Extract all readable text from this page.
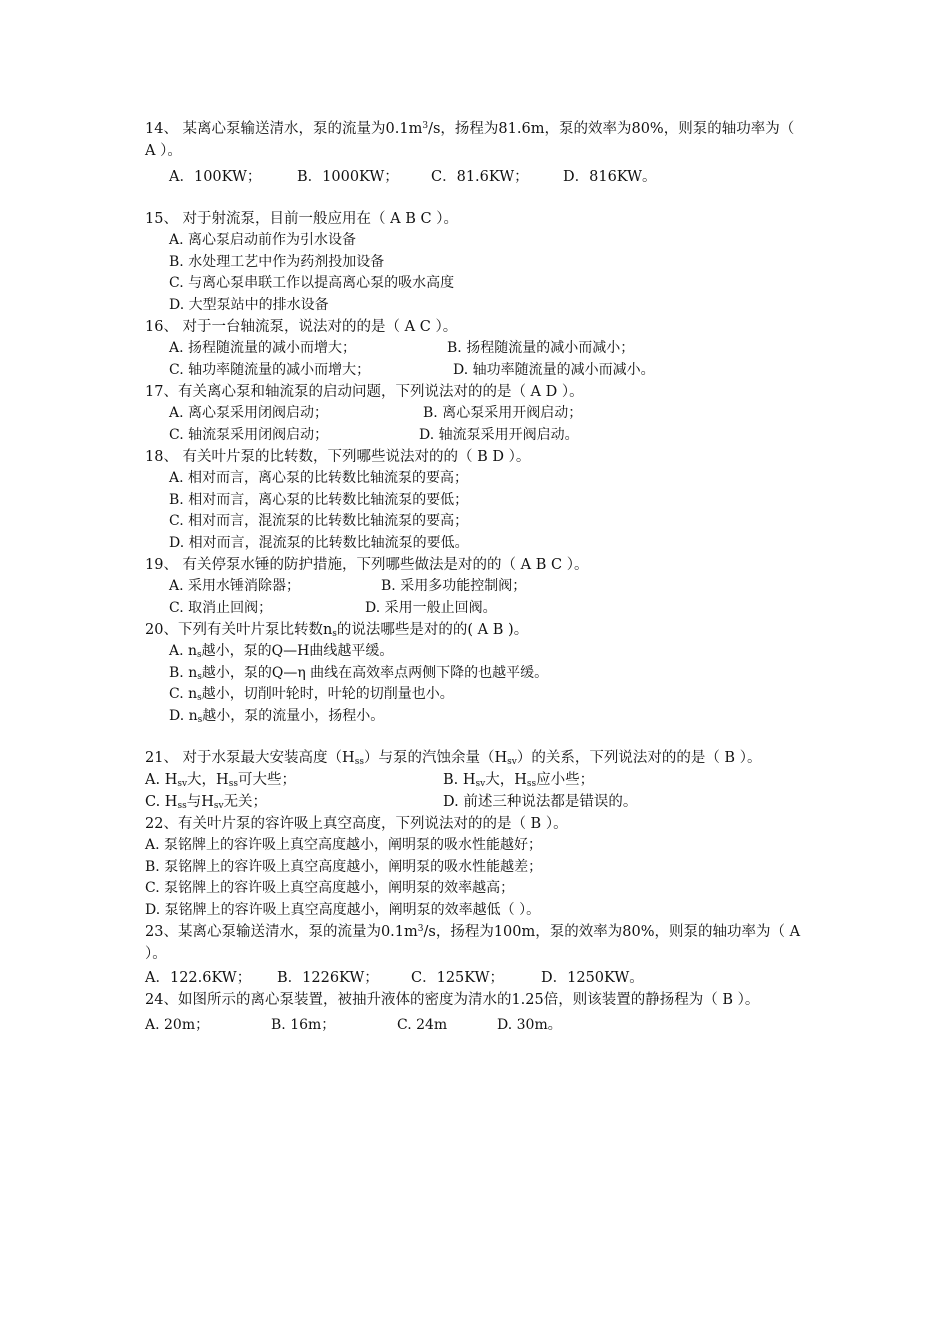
14、 某离心泵输送清水，泵的流量为$0.1m^3/s$，扬程为81.6m，泵的效率为80%，则泵的轴功率为（ A ）。

A．100KW；	B．1000KW；	C．81.6KW；	D．816KW。

15、 对于射流泵，目前一般应用在（ A B C ）。

A. 离心泵启动前作为引水设备

B. 水处理工艺中作为药剂投加设备

C. 与离心泵串联工作以提高离心泵的吸水高度

D. 大型泵站中的排水设备

16、 对于一台轴流泵，说法对的的是（ A C ）。

A. 扬程随流量的减小而增大；	B. 扬程随流量的减小而减小；
C. 轴功率随流量的减小而增大；	D. 轴功率随流量的减小而减小。

17、有关离心泵和轴流泵的启动问题，下列说法对的的是（ A D ）。

A. 离心泵采用闭阀启动；	B. 离心泵采用开阀启动；
C. 轴流泵采用闭阀启动；	D. 轴流泵采用开阀启动。

18、 有关叶片泵的比转数，下列哪些说法对的的（ B D ）。

A. 相对而言，离心泵的比转数比轴流泵的要高；

B. 相对而言，离心泵的比转数比轴流泵的要低；

C. 相对而言，混流泵的比转数比轴流泵的要高；

D. 相对而言，混流泵的比转数比轴流泵的要低。

19、 有关停泵水锤的防护措施，下列哪些做法是对的的（ A B C ）。

A. 采用水锤消除器；	B. 采用多功能控制阀；
C. 取消止回阀；	D. 采用一般止回阀。

20、下列有关叶片泵比转数$n_s$的说法哪些是对的的( A B )。

A. $n_s$越小，泵的Q—H曲线越平缓。

B. $n_s$越小，泵的Q—η 曲线在高效率点两侧下降的也越平缓。

C. $n_s$越小，切削叶轮时，叶轮的切削量也小。

D. $n_s$越小，泵的流量小，扬程小。

21、 对于水泵最大安装高度$(H_{ss})$与泵的汽蚀余量$(H_{sv})$的关系，下列说法对的的是（ B ）。

A. $H_{sv}$大，$H_{ss}$可大些；	B. $H_{sv}$大，$H_{ss}$应小些；
C. $H_{ss}$与$H_{sv}$无关；	D. 前述三种说法都是错误的。

22、有关叶片泵的容许吸上真空高度，下列说法对的的是（ B ）。

A. 泵铭牌上的容许吸上真空高度越小，阐明泵的吸水性能越好；

B. 泵铭牌上的容许吸上真空高度越小，阐明泵的吸水性能越差；

C. 泵铭牌上的容许吸上真空高度越小，阐明泵的效率越高；

D. 泵铭牌上的容许吸上真空高度越小，阐明泵的效率越低（ ）。

23、某离心泵输送清水，泵的流量为$0.1m^3/s$，扬程为100m，泵的效率为80%，则泵的轴功率为（ A ）。

A．122.6KW；	B．1226KW；	C．125KW；	D．1250KW。

24、如图所示的离心泵装置，被抽升液体的密度为清水的1.25倍，则该装置的静扬程为（ B ）。

A. 20m；	B. 16m；	C. 24m	D. 30m。
